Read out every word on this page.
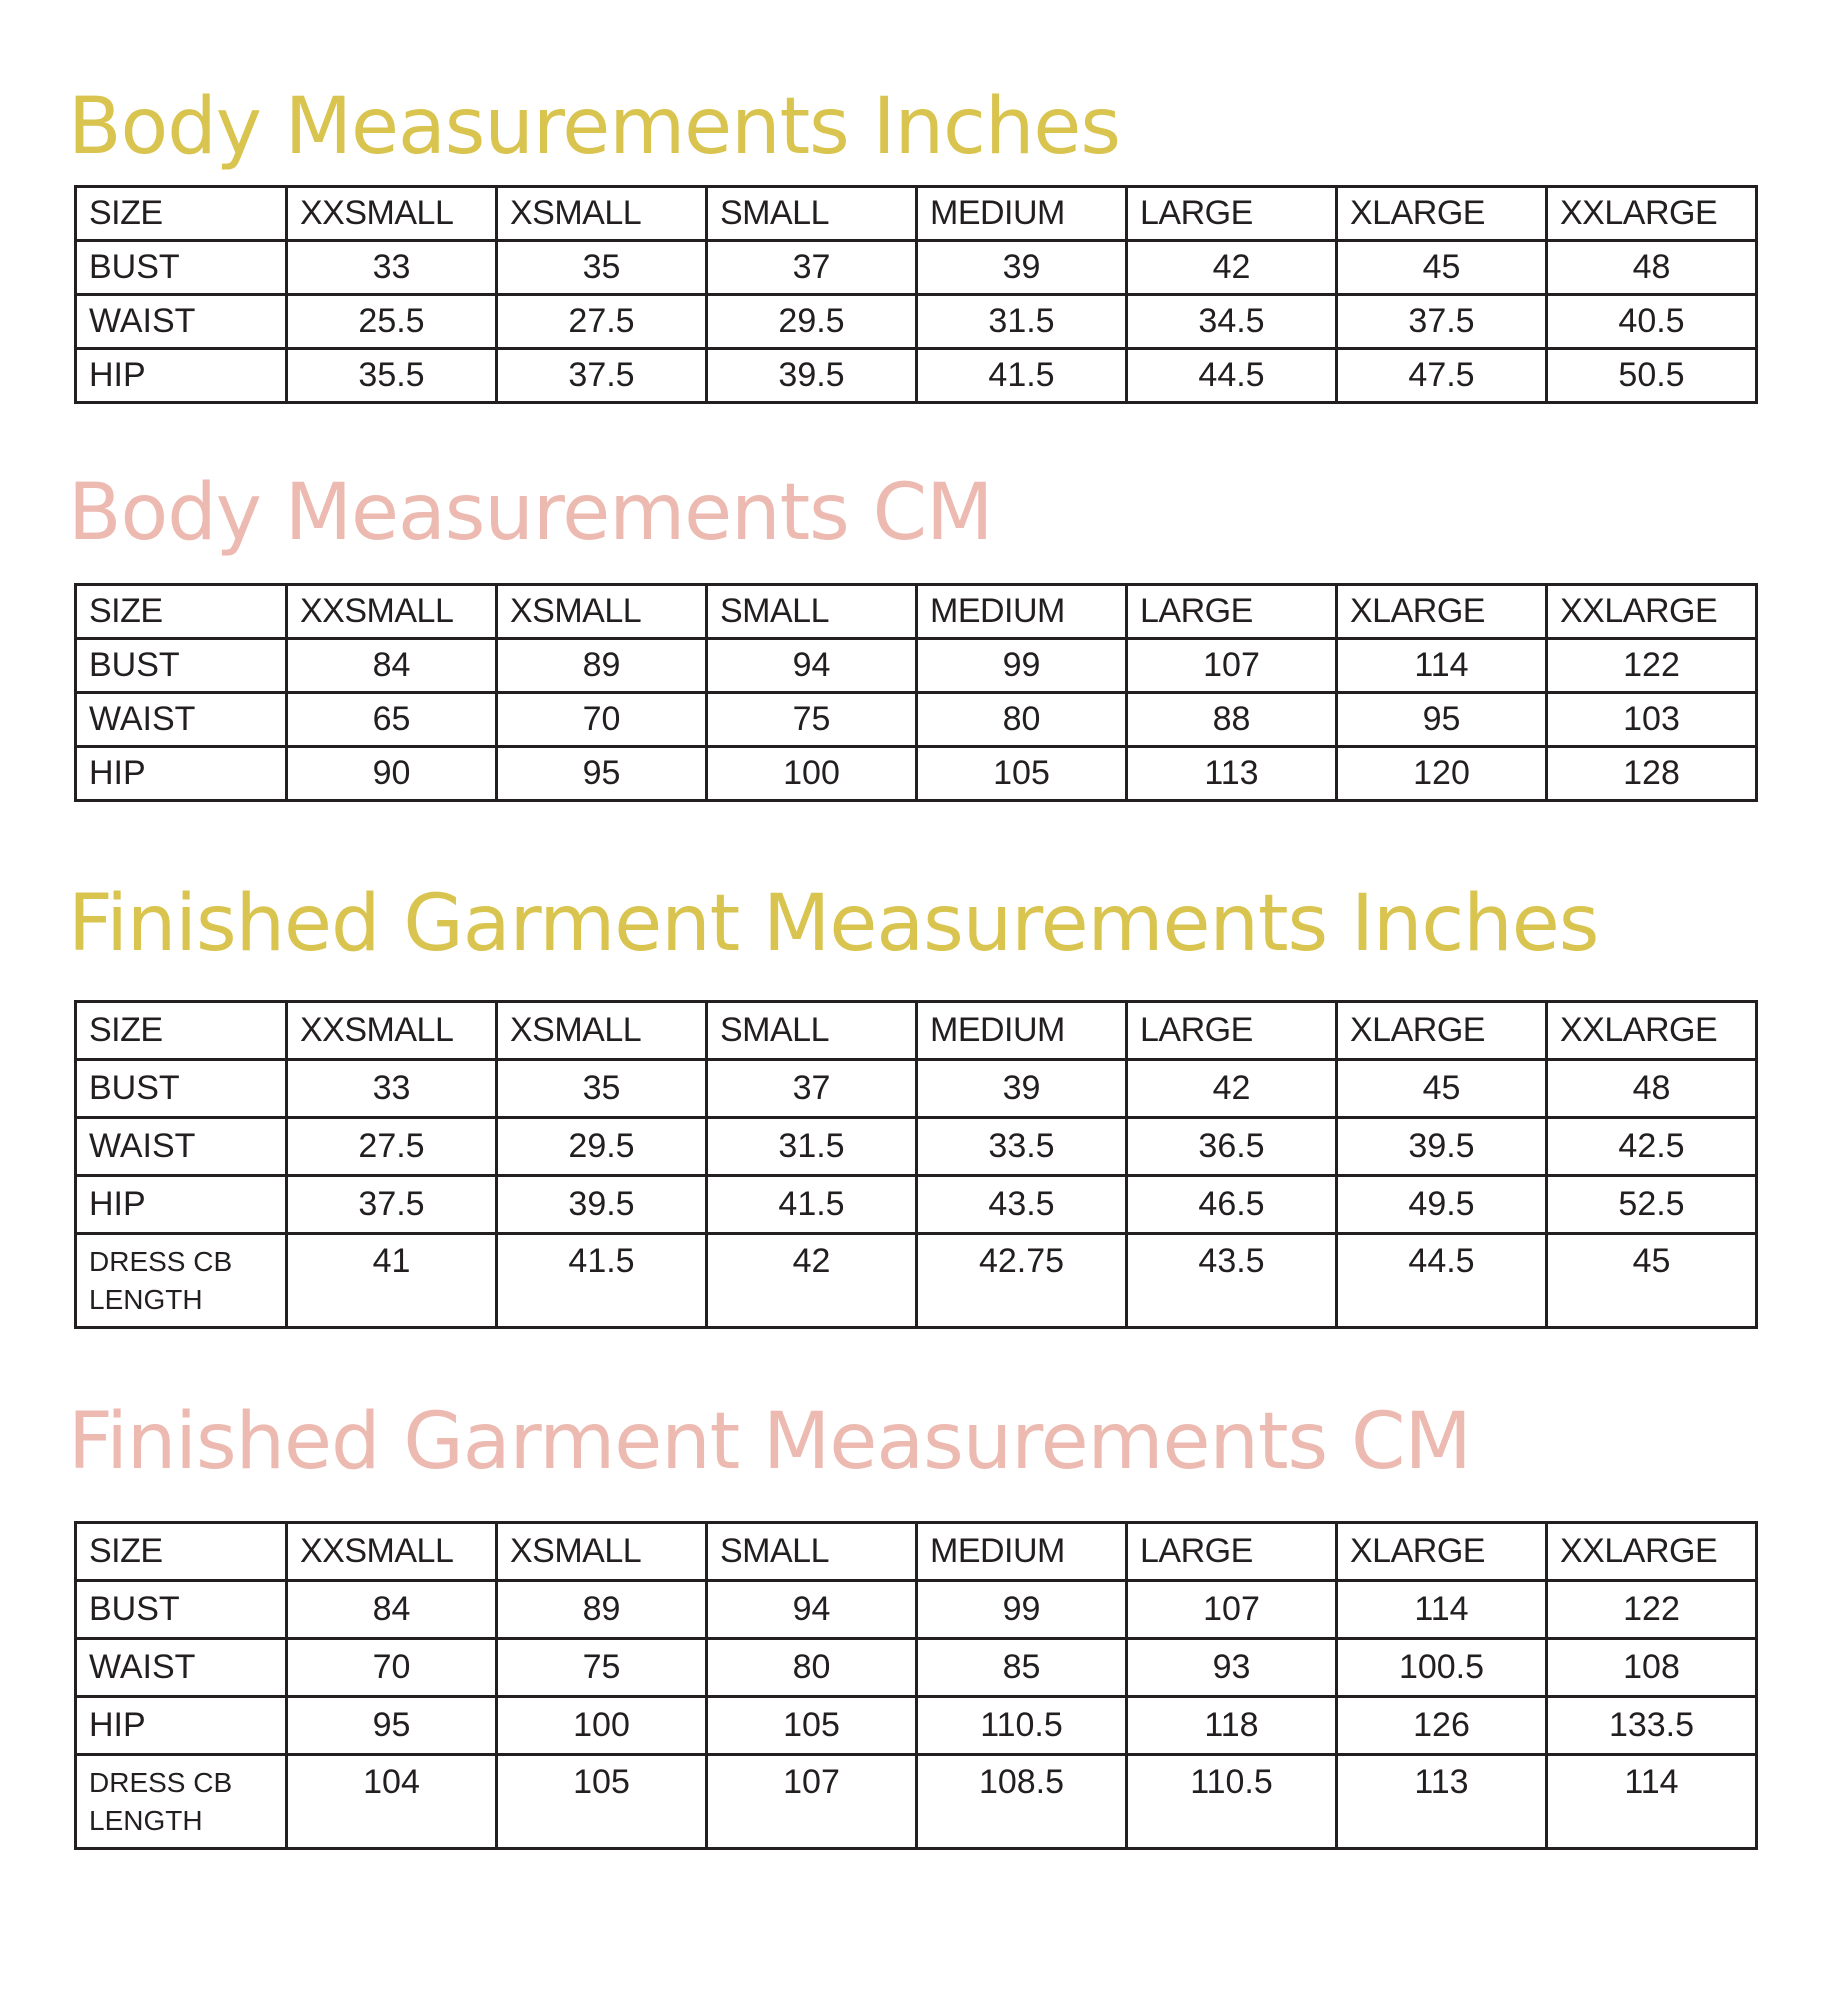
Body Measurements Inches
SIZE	XXSMALL	XSMALL	SMALL	MEDIUM	LARGE	XLARGE	XXLARGE
BUST	33	35	37	39	42	45	48
WAIST	25.5	27.5	29.5	31.5	34.5	37.5	40.5
HIP	35.5	37.5	39.5	41.5	44.5	47.5	50.5
Body Measurements CM
SIZE	XXSMALL	XSMALL	SMALL	MEDIUM	LARGE	XLARGE	XXLARGE
BUST	84	89	94	99	107	114	122
WAIST	65	70	75	80	88	95	103
HIP	90	95	100	105	113	120	128
Finished Garment Measurements Inches
SIZE	XXSMALL	XSMALL	SMALL	MEDIUM	LARGE	XLARGE	XXLARGE
BUST	33	35	37	39	42	45	48
WAIST	27.5	29.5	31.5	33.5	36.5	39.5	42.5
HIP	37.5	39.5	41.5	43.5	46.5	49.5	52.5

DRESS CB
LENGTH	41	41.5	42	42.75	43.5	44.5	45
Finished Garment Measurements CM
SIZE	XXSMALL	XSMALL	SMALL	MEDIUM	LARGE	XLARGE	XXLARGE
BUST	84	89	94	99	107	114	122
WAIST	70	75	80	85	93	100.5	108
HIP	95	100	105	110.5	118	126	133.5

DRESS CB
LENGTH	104	105	107	108.5	110.5	113	114
